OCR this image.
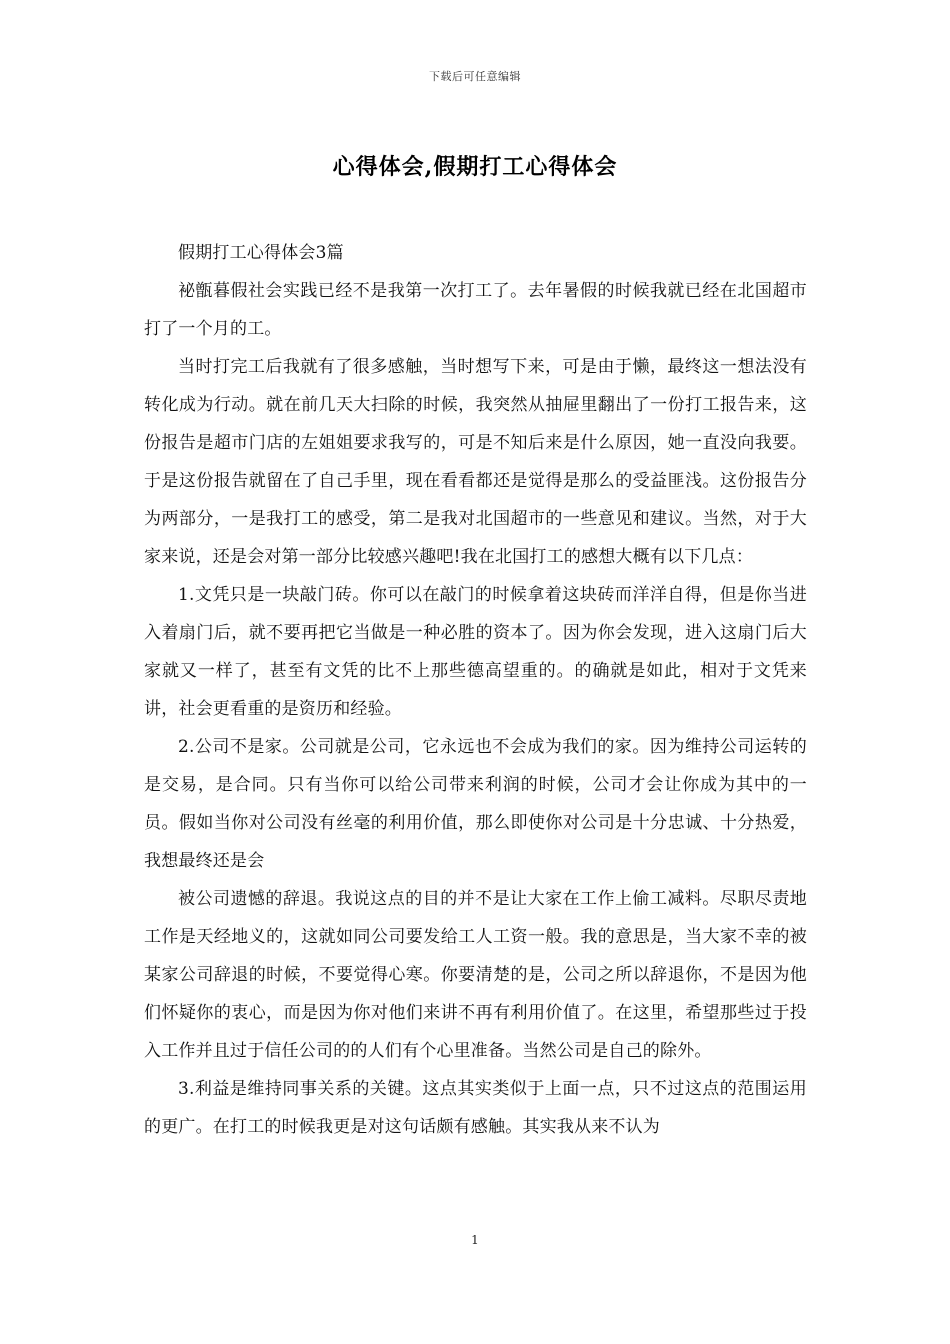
下载后可任意编辑
心得体会,假期打工心得体会

假期打工心得体会3篇

袐甑暮假社会实践已经不是我第一次打工了。去年暑假的时候我就已经在北国超市打了一个月的工。

当时打完工后我就有了很多感触，当时想写下来，可是由于懒，最终这一想法没有转化成为行动。就在前几天大扫除的时候，我突然从抽屉里翻出了一份打工报告来，这份报告是超市门店的左姐姐要求我写的，可是不知后来是什么原因，她一直没向我要。于是这份报告就留在了自己手里，现在看看都还是觉得是那么的受益匪浅。这份报告分为两部分，一是我打工的感受，第二是我对北国超市的一些意见和建议。当然，对于大家来说，还是会对第一部分比较感兴趣吧!我在北国打工的感想大概有以下几点：

1.文凭只是一块敲门砖。你可以在敲门的时候拿着这块砖而洋洋自得，但是你当进入着扇门后，就不要再把它当做是一种必胜的资本了。因为你会发现，进入这扇门后大家就又一样了，甚至有文凭的比不上那些德高望重的。的确就是如此，相对于文凭来讲，社会更看重的是资历和经验。

2.公司不是家。公司就是公司，它永远也不会成为我们的家。因为维持公司运转的是交易，是合同。只有当你可以给公司带来利润的时候，公司才会让你成为其中的一员。假如当你对公司没有丝毫的利用价值，那么即使你对公司是十分忠诚、十分热爱，我想最终还是会

被公司遗憾的辞退。我说这点的目的并不是让大家在工作上偷工减料。尽职尽责地工作是天经地义的，这就如同公司要发给工人工资一般。我的意思是，当大家不幸的被某家公司辞退的时候，不要觉得心寒。你要清楚的是，公司之所以辞退你，不是因为他们怀疑你的衷心，而是因为你对他们来讲不再有利用价值了。在这里，希望那些过于投入工作并且过于信任公司的的人们有个心里准备。当然公司是自己的除外。

3.利益是维持同事关系的关键。这点其实类似于上面一点，只不过这点的范围运用的更广。在打工的时候我更是对这句话颇有感触。其实我从来不认为

1
